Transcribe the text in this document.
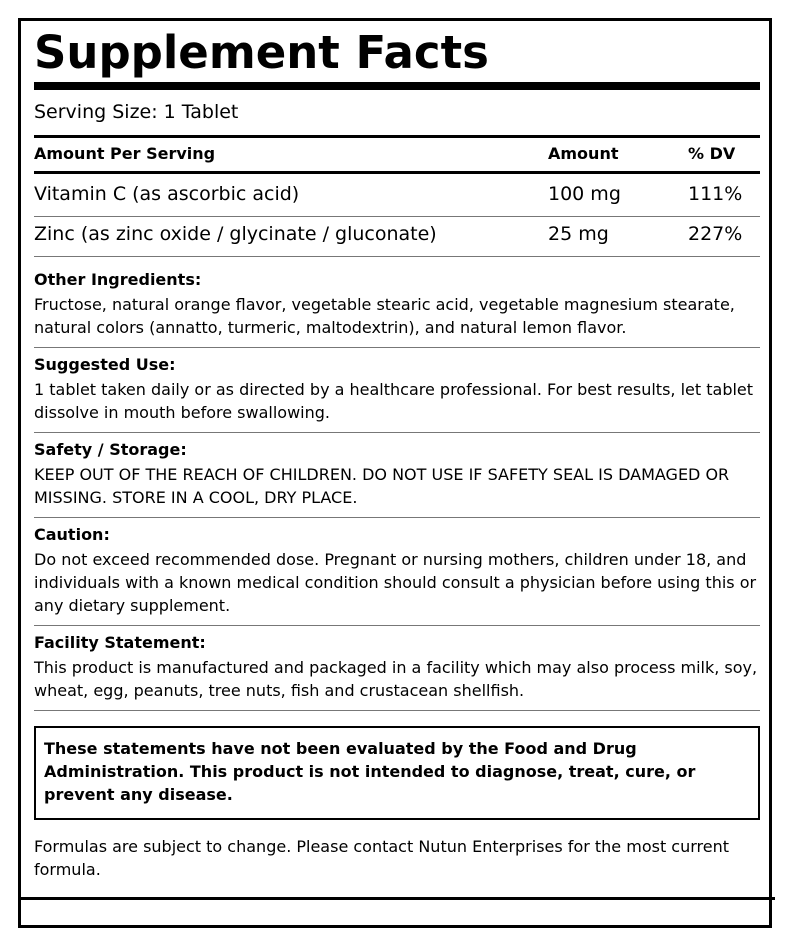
Supplement Facts
Serving Size: 1 Tablet
Amount Per Serving	Amount	% DV
Vitamin C (as ascorbic acid)	100 mg	111%
Zinc (as zinc oxide / glycinate / gluconate)	25 mg	227%

Other Ingredients:

Fructose, natural orange flavor, vegetable stearic acid, vegetable magnesium stearate, natural colors (annatto, turmeric, maltodextrin), and natural lemon flavor.

Suggested Use:

1 tablet taken daily or as directed by a healthcare professional. For best results, let tablet dissolve in mouth before swallowing.

Safety / Storage:

KEEP OUT OF THE REACH OF CHILDREN. DO NOT USE IF SAFETY SEAL IS DAMAGED OR MISSING. STORE IN A COOL, DRY PLACE.

Caution:

Do not exceed recommended dose. Pregnant or nursing mothers, children under 18, and individuals with a known medical condition should consult a physician before using this or any dietary supplement.

Facility Statement:

This product is manufactured and packaged in a facility which may also process milk, soy, wheat, egg, peanuts, tree nuts, fish and crustacean shellfish.

These statements have not been evaluated by the Food and Drug Administration. This product is not intended to diagnose, treat, cure, or prevent any disease.
Formulas are subject to change. Please contact Nutun Enterprises for the most current formula.
